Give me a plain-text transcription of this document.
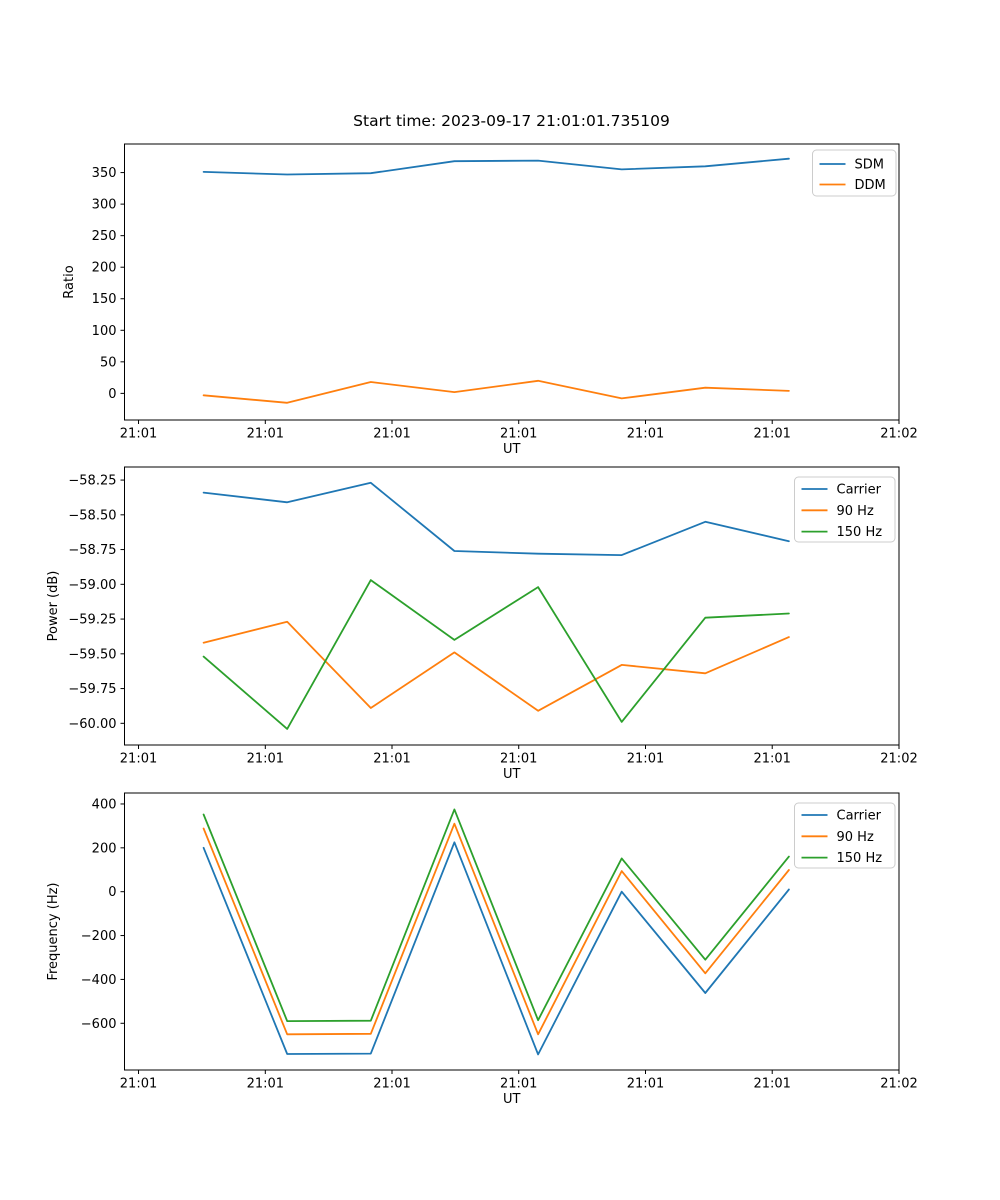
Start time: 2023-09-17 21:01:01.735109
0
50
100
150
200
250
300
350
21:01	21:01	21:01	21:01	21:01	21:01	21:02
UT
Ratio
SDM
DDM
−60.00
−59.75
−59.50
−59.25
−59.00
−58.75
−58.50
−58.25
21:01	21:01	21:01	21:01	21:01	21:01	21:02
UT
Power (dB)
Carrier
90 Hz
150 Hz
−600
−400
−200
0
200
400
21:01	21:01	21:01	21:01	21:01	21:01	21:02
UT
Frequency (Hz)
Carrier
90 Hz
150 Hz
